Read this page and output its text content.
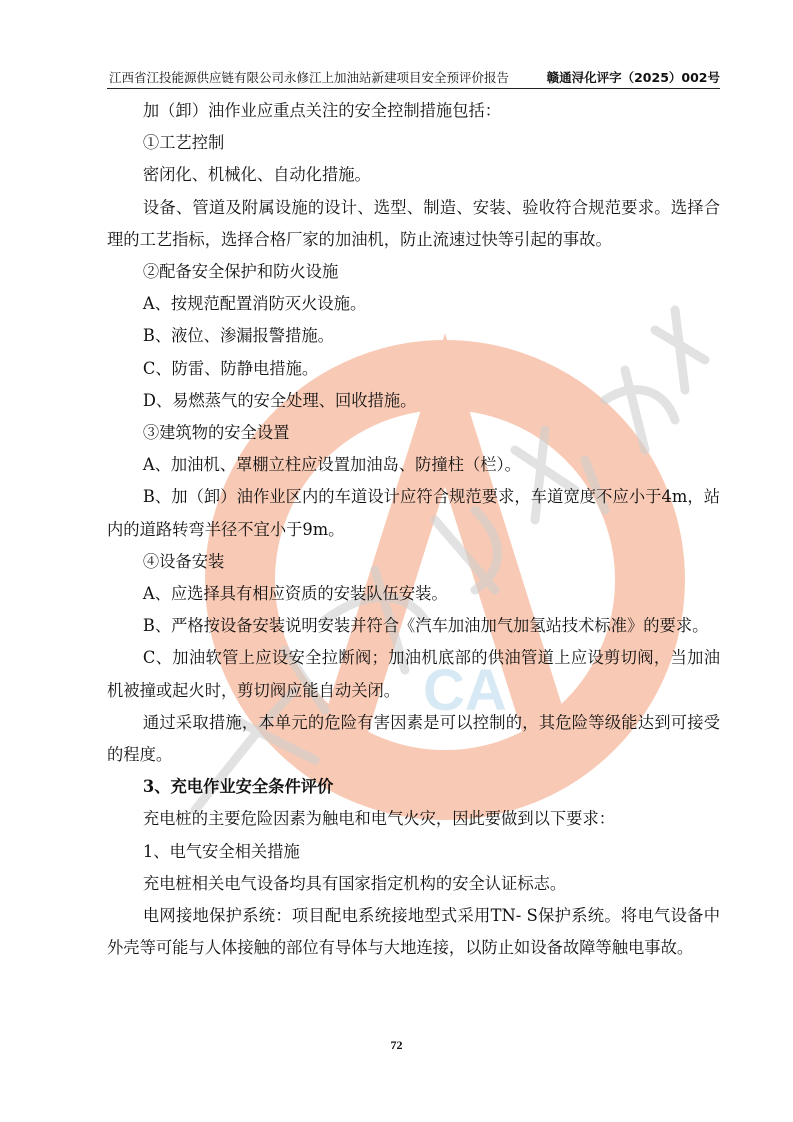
江西省江投能源供应链有限公司永修江上加油站新建项目安全预评价报告	赣通浔化评字（2025）002号
CA

加（卸）油作业应重点关注的安全控制措施包括：

①工艺控制

密闭化、机械化、自动化措施。

设备、管道及附属设施的设计、选型、制造、安装、验收符合规范要求。选择合理的工艺指标，选择合格厂家的加油机，防止流速过快等引起的事故。

②配备安全保护和防火设施

A、按规范配置消防灭火设施。

B、液位、渗漏报警措施。

C、防雷、防静电措施。

D、易燃蒸气的安全处理、回收措施。

③建筑物的安全设置

A、加油机、罩棚立柱应设置加油岛、防撞柱（栏）。

B、加（卸）油作业区内的车道设计应符合规范要求，车道宽度不应小于4m，站内的道路转弯半径不宜小于9m。

④设备安装

A、应选择具有相应资质的安装队伍安装。

B、严格按设备安装说明安装并符合《汽车加油加气加氢站技术标准》的要求。

C、加油软管上应设安全拉断阀；加油机底部的供油管道上应设剪切阀，当加油机被撞或起火时，剪切阀应能自动关闭。

通过采取措施，本单元的危险有害因素是可以控制的，其危险等级能达到可接受的程度。

3、充电作业安全条件评价

充电桩的主要危险因素为触电和电气火灾，因此要做到以下要求：

1、电气安全相关措施

充电桩相关电气设备均具有国家指定机构的安全认证标志。

电网接地保护系统：项目配电系统接地型式采用TN- S保护系统。将电气设备中外壳等可能与人体接触的部位有导体与大地连接，以防止如设备故障等触电事故。

72
